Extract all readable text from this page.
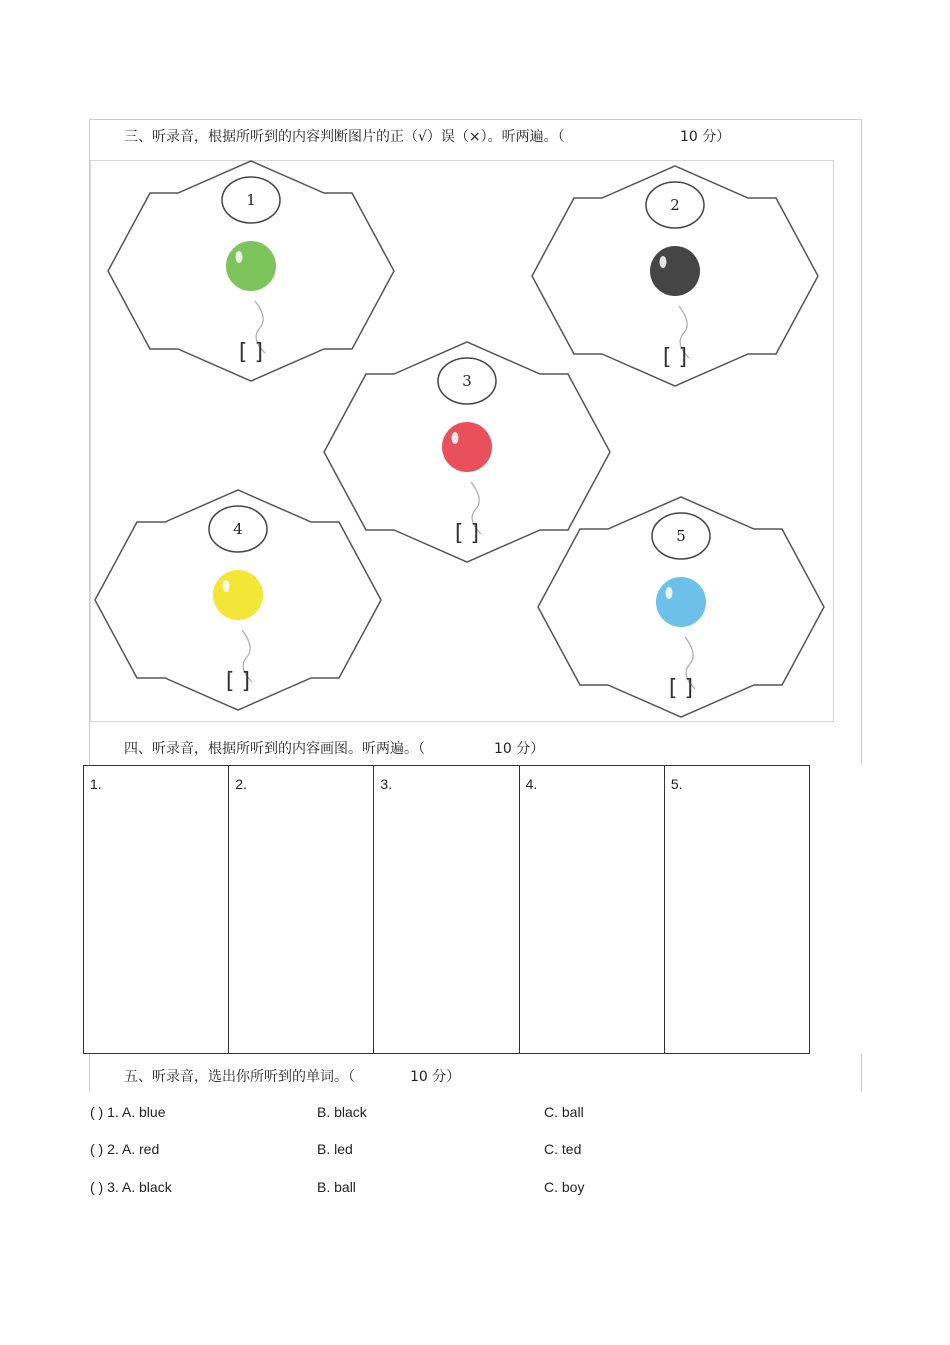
三、听录音，根据所听到的内容判断图片的正（√）误（×）。听两遍。（	10 分）
1
[ ]
2
[ ]
3
[ ]
4
[ ]
5
[ ]
四、听录音，根据所听到的内容画图。听两遍。（	10 分）
1.	2.	3.	4.	5.
五、听录音，选出你所听到的单词。（	10 分）
( ) 1. A. blue	B. black	C. ball
( ) 2. A. red	B. led	C. ted
( ) 3. A. black	B. ball	C. boy
